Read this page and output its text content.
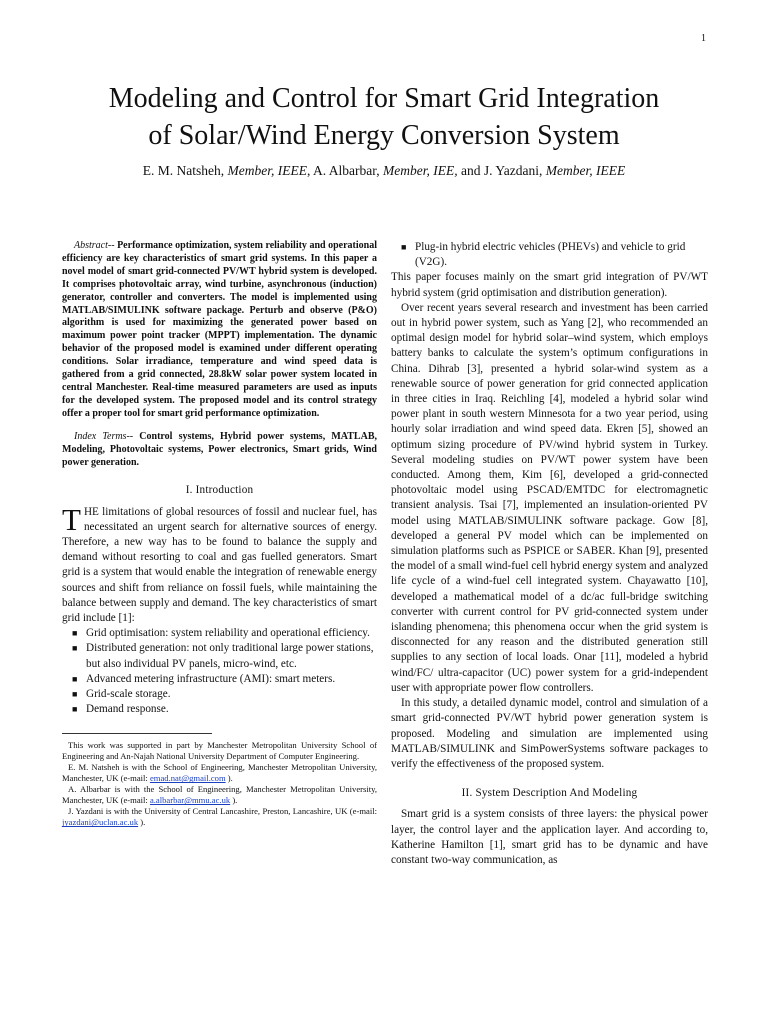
1
Modeling and Control for Smart Grid Integration
of Solar/Wind Energy Conversion System
E. M. Natsheh, Member, IEEE, A. Albarbar, Member, IEE, and J. Yazdani, Member, IEEE

Abstract-- Performance optimization, system reliability and operational efficiency are key characteristics of smart grid systems. In this paper a novel model of smart grid-connected PV/WT hybrid system is developed. It comprises photovoltaic array, wind turbine, asynchronous (induction) generator, controller and converters. The model is implemented using MATLAB/SIMULINK software package. Perturb and observe (P&O) algorithm is used for maximizing the generated power based on maximum power point tracker (MPPT) implementation. The dynamic behavior of the proposed model is examined under different operating conditions. Solar irradiance, temperature and wind speed data is gathered from a grid connected, 28.8kW solar power system located in central Manchester. Real-time measured parameters are used as inputs for the developed system. The proposed model and its control strategy offer a proper tool for smart grid performance optimization.

Index Terms-- Control systems, Hybrid power systems, MATLAB, Modeling, Photovoltaic systems, Power electronics, Smart grids, Wind power generation.

I. Introduction

THE limitations of global resources of fossil and nuclear fuel, has necessitated an urgent search for alternative sources of energy. Therefore, a new way has to be found to balance the supply and demand without resorting to coal and gas fuelled generators. Smart grid is a system that would enable the integration of renewable energy sources and shift from reliance on fossil fuels, while maintaining the balance between supply and demand. The key characteristics of smart grid include [1]:

■ Grid optimisation: system reliability and operational efficiency.
■ Distributed generation: not only traditional large power stations, but also individual PV panels, micro-wind, etc.
■ Advanced metering infrastructure (AMI): smart meters.
■ Grid-scale storage.
■ Demand response.

This work was supported in part by Manchester Metropolitan University School of Engineering and An-Najah National University Department of Computer Engineering.

E. M. Natsheh is with the School of Engineering, Manchester Metropolitan University, Manchester, UK (e-mail: emad.nat@gmail.com ).

A. Albarbar is with the School of Engineering, Manchester Metropolitan University, Manchester, UK (e-mail: a.albarbar@mmu.ac.uk ).

J. Yazdani is with the University of Central Lancashire, Preston, Lancashire, UK (e-mail: jyazdani@uclan.ac.uk ).

■ Plug-in hybrid electric vehicles (PHEVs) and vehicle to grid (V2G).

This paper focuses mainly on the smart grid integration of PV/WT hybrid system (grid optimisation and distribution generation).

Over recent years several research and investment has been carried out in hybrid power system, such as Yang [2], who recommended an optimal design model for hybrid solar–wind system, which employs battery banks to calculate the system’s optimum configurations in China. Dihrab [3], presented a hybrid solar-wind system as a renewable source of power generation for grid connected application in three cities in Iraq. Reichling [4], modeled a hybrid solar wind power plant in south western Minnesota for a two year period, using hourly solar irradiation and wind speed data. Ekren [5], showed an optimum sizing procedure of PV/wind hybrid system in Turkey. Several modeling studies on PV/WT power system have been conducted. Among them, Kim [6], developed a grid-connected photovoltaic model using PSCAD/EMTDC for electromagnetic transient analysis. Tsai [7], implemented an insulation-oriented PV model using MATLAB/SIMULINK software package. Gow [8], developed a general PV model which can be implemented on simulation platforms such as PSPICE or SABER. Khan [9], presented the model of a small wind-fuel cell hybrid energy system and analyzed life cycle of a wind-fuel cell integrated system. Chayawatto [10], developed a mathematical model of a dc/ac full-bridge switching converter with current control for PV grid-connected system under islanding phenomena; this phenomena occur when the grid system is disconnected for any reason and the distributed generation still supplies to any section of local loads. Onar [11], modeled a hybrid wind/FC/ ultra-capacitor (UC) power system for a grid-independent user with appropriate power flow controllers.

In this study, a detailed dynamic model, control and simulation of a smart grid-connected PV/WT hybrid power generation system is proposed. Modeling and simulation are implemented using MATLAB/SIMULINK and SimPowerSystems software packages to verify the effectiveness of the proposed system.

II. System Description And Modeling

Smart grid is a system consists of three layers: the physical power layer, the control layer and the application layer. And according to, Katherine Hamilton [1], smart grid has to be dynamic and have constant two-way communication, as
